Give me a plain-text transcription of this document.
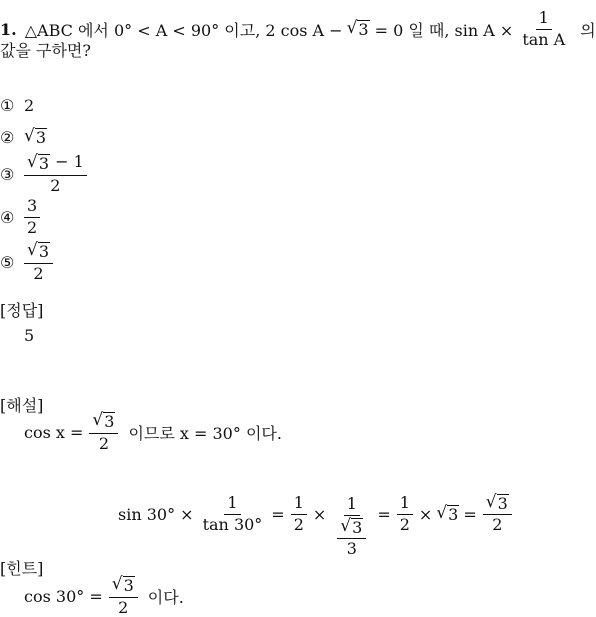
1. △ABC 에서 0° < A < 90° 이고, 2 cos A − √ 3 = 0 일 때, $\sin A \times \frac{1}{\text{tan A}}$ 의
값을 구하면?
① 2
② √ 3
③ $\frac{√ 3 - 1}{2}$
④ $\frac{3}{2}$
⑤ $\frac{√ 3}{2}$
[정답]
5
[해설]
$\cos x = \frac{√ 3}{2}$ 이므로 x = 30° 이다.
$\sin 30^\circ \times \frac{1}{\tan 30^\circ} = \frac{1}{2} \times \frac{1}{\frac{√ 3}{3}} = \frac{1}{2}$ × √ $3 = \frac{√ 3}{2}$
[힌트]
$\cos 30^\circ = \frac{√ 3}{2}$ 이다.
